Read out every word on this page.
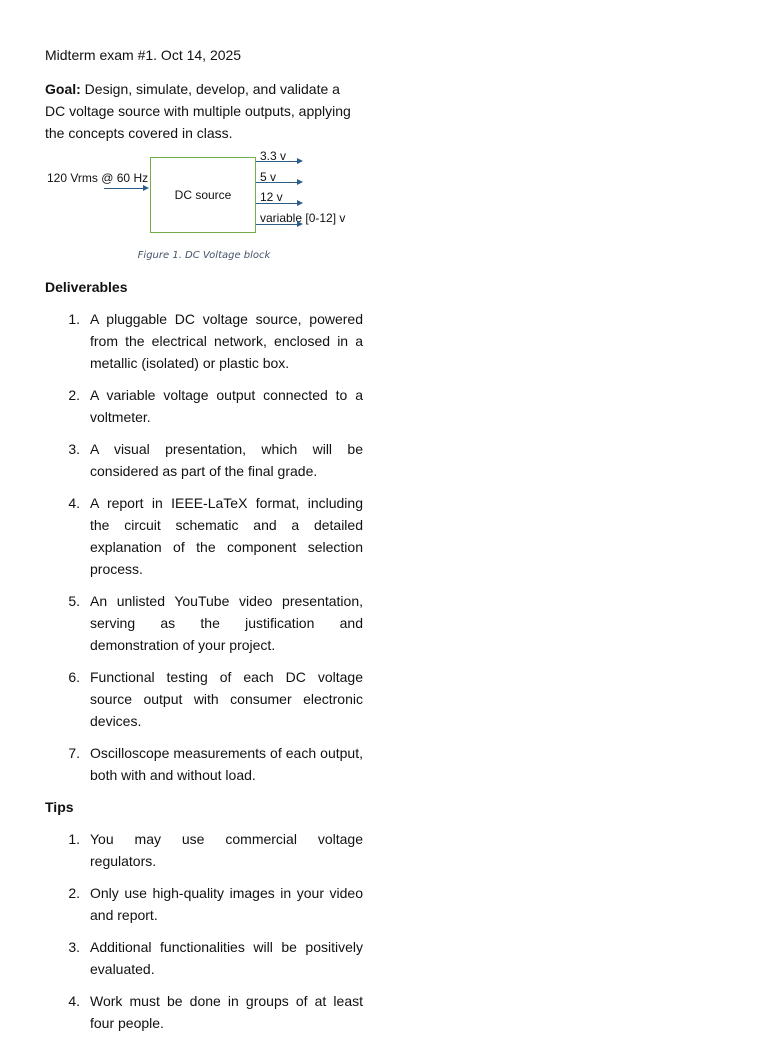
Midterm exam #1. Oct 14, 2025

Goal: Design, simulate, develop, and validate a DC voltage source with multiple outputs, applying the concepts covered in class.

120 Vrms @ 60 Hz
DC source
3.3 v
5 v
12 v
variable [0-12] v
Figure 1. DC Voltage block
Deliverables
1. A pluggable DC voltage source, powered from the electrical network, enclosed in a metallic (isolated) or plastic box.
2. A variable voltage output connected to a voltmeter.
3. A visual presentation, which will be considered as part of the final grade.
4. A report in IEEE-LaTeX format, including the circuit schematic and a detailed explanation of the component selection process.
5. An unlisted YouTube video presentation, serving as the justification and demonstration of your project.
6. Functional testing of each DC voltage source output with consumer electronic devices.
7. Oscilloscope measurements of each output, both with and without load.
Tips
1. You may use commercial voltage regulators.
2. Only use high-quality images in your video and report.
3. Additional functionalities will be positively evaluated.
4. Work must be done in groups of at least four people.
